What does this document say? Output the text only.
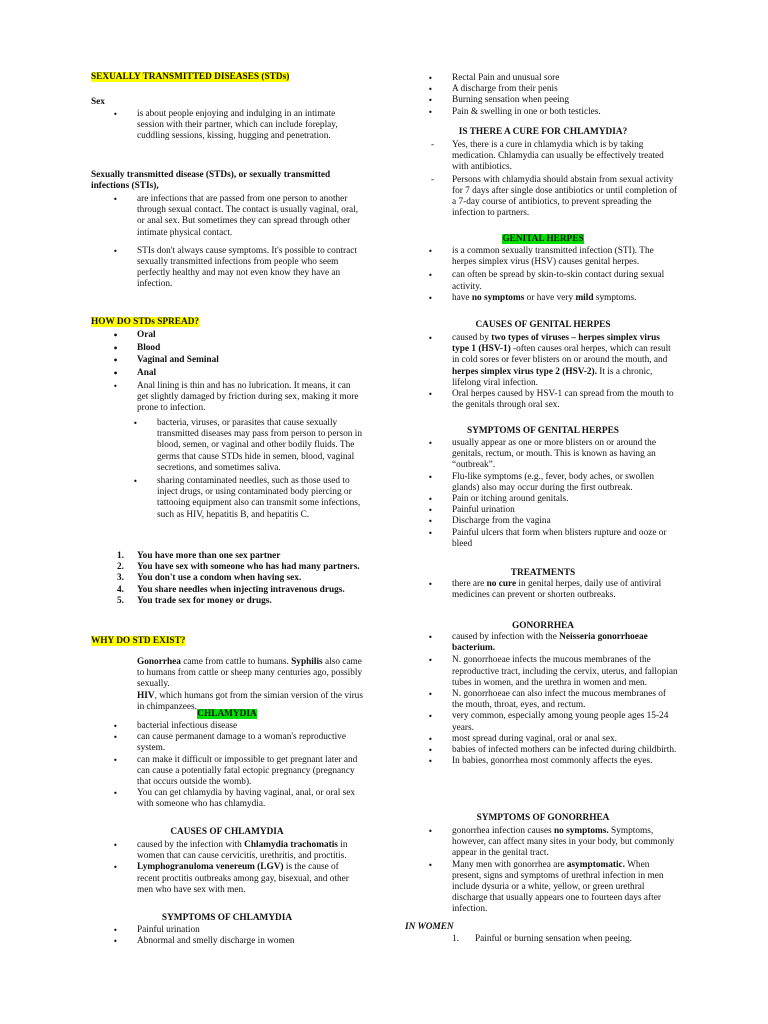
SEXUALLY TRANSMITTED DISEASES (STDs)
Sex
• is about people enjoying and indulging in an intimate session with their partner, which can include foreplay, cuddling sessions, kissing, hugging and penetration.
Sexually transmitted disease (STDs), or sexually transmitted infections (STIs),
• are infections that are passed from one person to another through sexual contact. The contact is usually vaginal, oral, or anal sex. But sometimes they can spread through other intimate physical contact.
• STIs don't always cause symptoms. It's possible to contract sexually transmitted infections from people who seem perfectly healthy and may not even know they have an infection.
HOW DO STDs SPREAD?
• Oral
• Blood
• Vaginal and Seminal
• Anal
• Anal lining is thin and has no lubrication. It means, it can get slightly damaged by friction during sex, making it more prone to infection.
• bacteria, viruses, or parasites that cause sexually transmitted diseases may pass from person to person in blood, semen, or vaginal and other bodily fluids. The germs that cause STDs hide in semen, blood, vaginal secretions, and sometimes saliva.
• sharing contaminated needles, such as those used to inject drugs, or using contaminated body piercing or tattooing equipment also can transmit some infections, such as HIV, hepatitis B, and hepatitis C.
1. You have more than one sex partner
2. You have sex with someone who has had many partners.
3. You don't use a condom when having sex.
4. You share needles when injecting intravenous drugs.
5. You trade sex for money or drugs.
WHY DO STD EXIST?
Gonorrhea came from cattle to humans. Syphilis also came to humans from cattle or sheep many centuries ago, possibly sexually.
HIV, which humans got from the simian version of the virus in chimpanzees.
CHLAMYDIA
• bacterial infectious disease
• can cause permanent damage to a woman's reproductive system.
• can make it difficult or impossible to get pregnant later and can cause a potentially fatal ectopic pregnancy (pregnancy that occurs outside the womb).
• You can get chlamydia by having vaginal, anal, or oral sex with someone who has chlamydia.
CAUSES OF CHLAMYDIA
• caused by the infection with Chlamydia trachomatis in women that can cause cervicitis, urethritis, and proctitis.
• Lymphogranuloma venereum (LGV) is the cause of recent proctitis outbreaks among gay, bisexual, and other men who have sex with men.
SYMPTOMS OF CHLAMYDIA
• Painful urination
• Abnormal and smelly discharge in women
• Rectal Pain and unusual sore
• A discharge from their penis
• Burning sensation when peeing
• Pain & swelling in one or both testicles.
IS THERE A CURE FOR CHLAMYDIA?
- Yes, there is a cure in chlamydia which is by taking medication. Chlamydia can usually be effectively treated with antibiotics.
- Persons with chlamydia should abstain from sexual activity for 7 days after single dose antibiotics or until completion of a 7-day course of antibiotics, to prevent spreading the infection to partners.
GENITAL HERPES
• is a common sexually transmitted infection (STI). The herpes simplex virus (HSV) causes genital herpes.
• can often be spread by skin-to-skin contact during sexual activity.
• have no symptoms or have very mild symptoms.
CAUSES OF GENITAL HERPES
• caused by two types of viruses – herpes simplex virus type 1 (HSV-1) -often causes oral herpes, which can result in cold sores or fever blisters on or around the mouth, and herpes simplex virus type 2 (HSV-2). It is a chronic, lifelong viral infection.
• Oral herpes caused by HSV-1 can spread from the mouth to the genitals through oral sex.
SYMPTOMS OF GENITAL HERPES
• usually appear as one or more blisters on or around the genitals, rectum, or mouth. This is known as having an “outbreak”.
• Flu-like symptoms (e.g., fever, body aches, or swollen glands) also may occur during the first outbreak.
• Pain or itching around genitals.
• Painful urination
• Discharge from the vagina
• Painful ulcers that form when blisters rupture and ooze or bleed
TREATMENTS
• there are no cure in genital herpes, daily use of antiviral medicines can prevent or shorten outbreaks.
GONORRHEA
• caused by infection with the Neisseria gonorrhoeae bacterium.
• N. gonorrhoeae infects the mucous membranes of the reproductive tract, including the cervix, uterus, and fallopian tubes in women, and the urethra in women and men.
• N. gonorrhoeae can also infect the mucous membranes of the mouth, throat, eyes, and rectum.
• very common, especially among young people ages 15-24 years.
• most spread during vaginal, oral or anal sex.
• babies of infected mothers can be infected during childbirth.
• In babies, gonorrhea most commonly affects the eyes.
SYMPTOMS OF GONORRHEA
• gonorrhea infection causes no symptoms. Symptoms, however, can affect many sites in your body, but commonly appear in the genital tract.
• Many men with gonorrhea are asymptomatic. When present, signs and symptoms of urethral infection in men include dysuria or a white, yellow, or green urethral discharge that usually appears one to fourteen days after infection.
IN WOMEN
1. Painful or burning sensation when peeing.
